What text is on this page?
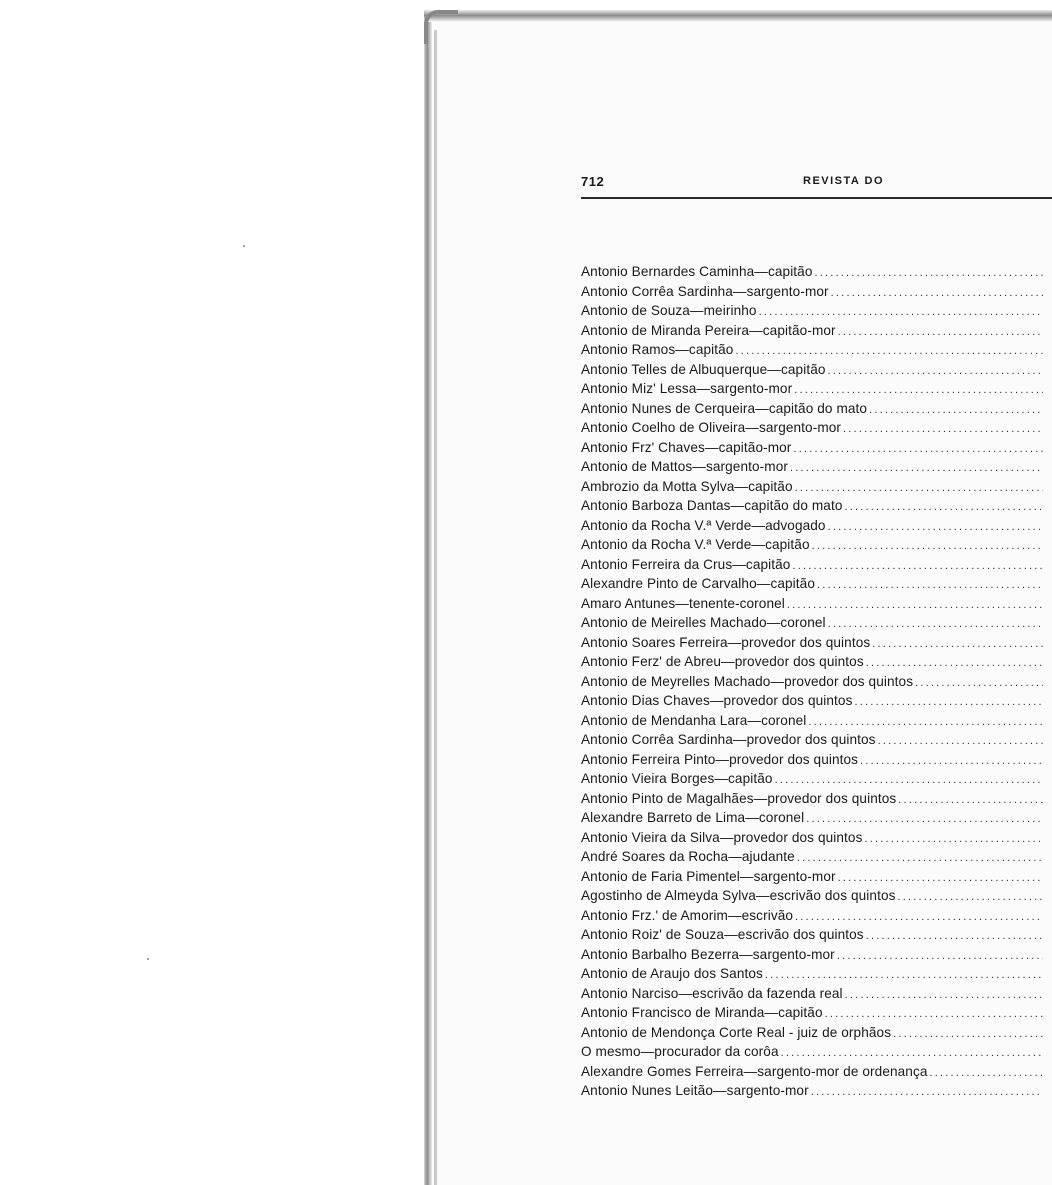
712	REVISTA DO
Antonio Bernardes Caminha—capitão
.....
Antonio Corrêa Sardinha—sargento-mor
.....
Antonio de Souza—meirinho
.....
Antonio de Miranda Pereira—capitão-mor
.....
Antonio Ramos—capitão
.....
Antonio Telles de Albuquerque—capitão
.....
Antonio Miz' Lessa—sargento-mor
.....
Antonio Nunes de Cerqueira—capitão do mato
.....
Antonio Coelho de Oliveira—sargento-mor
.....
Antonio Frz' Chaves—capitão-mor
.....
Antonio de Mattos—sargento-mor
.....
Ambrozio da Motta Sylva—capitão
.....
Antonio Barboza Dantas—capitão do mato
.....
Antonio da Rocha V.ª Verde—advogado
.....
Antonio da Rocha V.ª Verde—capitão
.....
Antonio Ferreira da Crus—capitão
.....
Alexandre Pinto de Carvalho—capitão
.....
Amaro Antunes—tenente-coronel
.....
Antonio de Meirelles Machado—coronel
.....
Antonio Soares Ferreira—provedor dos quintos
.....
Antonio Ferz' de Abreu—provedor dos quintos
.....
Antonio de Meyrelles Machado—provedor dos quintos
.....
Antonio Dias Chaves—provedor dos quintos
.....
Antonio de Mendanha Lara—coronel
.....
Antonio Corrêa Sardinha—provedor dos quintos
.....
Antonio Ferreira Pinto—provedor dos quintos
.....
Antonio Vieira Borges—capitão
.....
Antonio Pinto de Magalhães—provedor dos quintos
.....
Alexandre Barreto de Lima—coronel
.....
Antonio Vieira da Silva—provedor dos quintos
.....
André Soares da Rocha—ajudante
.....
Antonio de Faria Pimentel—sargento-mor
.....
Agostinho de Almeyda Sylva—escrivão dos quintos
.....
Antonio Frz.' de Amorim—escrivão
.....
Antonio Roiz' de Souza—escrivão dos quintos
.....
Antonio Barbalho Bezerra—sargento-mor
.....
Antonio de Araujo dos Santos
.....
Antonio Narciso—escrivão da fazenda real
.....
Antonio Francisco de Miranda—capitão
.....
Antonio de Mendonça Corte Real - juiz de orphãos
.....
O mesmo—procurador da corôa
.....
Alexandre Gomes Ferreira—sargento-mor de ordenança
.....
Antonio Nunes Leitão—sargento-mor
.....
